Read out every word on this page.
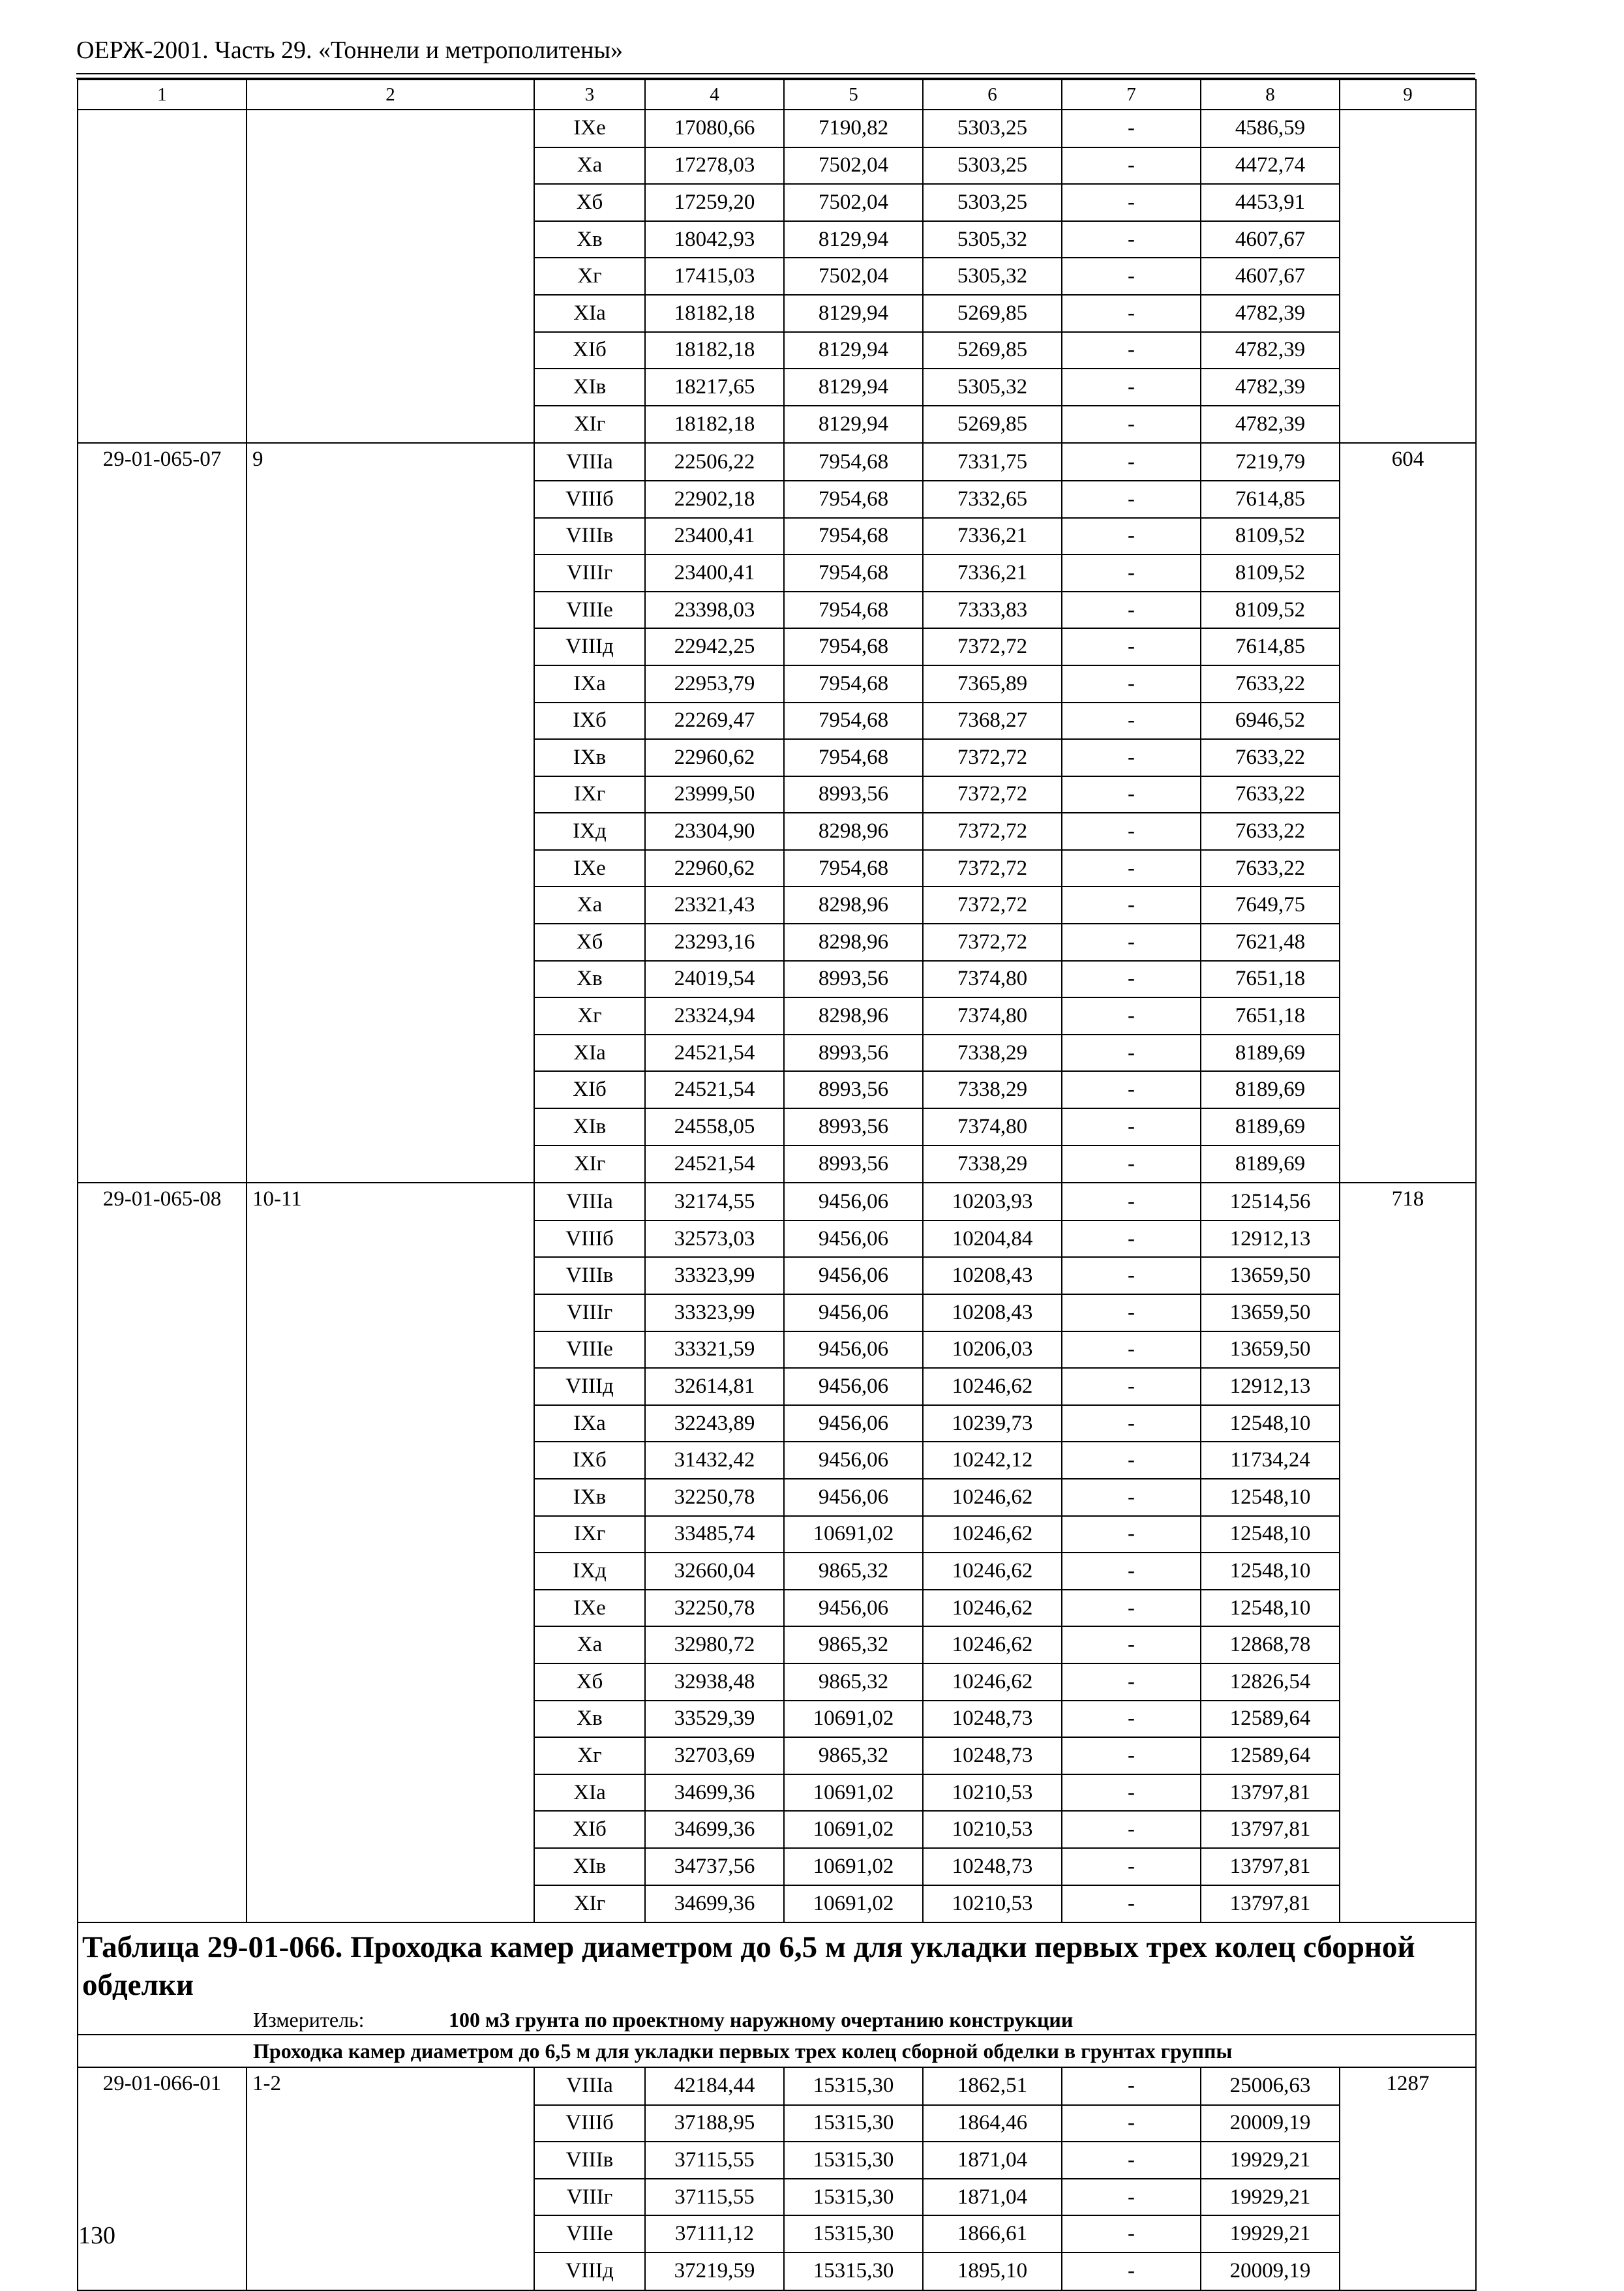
ОЕРЖ-2001. Часть 29. «Тоннели и метрополитены»
1	2	3	4	5	6	7	8	9
		IXe	17080,66	7190,82	5303,25	-	4586,59	
		Xa	17278,03	7502,04	5303,25	-	4472,74	
		Xб	17259,20	7502,04	5303,25	-	4453,91	
		Xв	18042,93	8129,94	5305,32	-	4607,67	
		Xг	17415,03	7502,04	5305,32	-	4607,67	
		XIa	18182,18	8129,94	5269,85	-	4782,39	
		XIб	18182,18	8129,94	5269,85	-	4782,39	
		XIв	18217,65	8129,94	5305,32	-	4782,39	
		XIг	18182,18	8129,94	5269,85	-	4782,39	
29-01-065-07	9	VIIIa	22506,22	7954,68	7331,75	-	7219,79	604
		VIIIб	22902,18	7954,68	7332,65	-	7614,85	
		VIIIв	23400,41	7954,68	7336,21	-	8109,52	
		VIIIг	23400,41	7954,68	7336,21	-	8109,52	
		VIIIe	23398,03	7954,68	7333,83	-	8109,52	
		VIIIд	22942,25	7954,68	7372,72	-	7614,85	
		IXa	22953,79	7954,68	7365,89	-	7633,22	
		IXб	22269,47	7954,68	7368,27	-	6946,52	
		IXв	22960,62	7954,68	7372,72	-	7633,22	
		IXг	23999,50	8993,56	7372,72	-	7633,22	
		IXд	23304,90	8298,96	7372,72	-	7633,22	
		IXe	22960,62	7954,68	7372,72	-	7633,22	
		Xa	23321,43	8298,96	7372,72	-	7649,75	
		Xб	23293,16	8298,96	7372,72	-	7621,48	
		Xв	24019,54	8993,56	7374,80	-	7651,18	
		Xг	23324,94	8298,96	7374,80	-	7651,18	
		XIa	24521,54	8993,56	7338,29	-	8189,69	
		XIб	24521,54	8993,56	7338,29	-	8189,69	
		XIв	24558,05	8993,56	7374,80	-	8189,69	
		XIг	24521,54	8993,56	7338,29	-	8189,69	
29-01-065-08	10-11	VIIIa	32174,55	9456,06	10203,93	-	12514,56	718
		VIIIб	32573,03	9456,06	10204,84	-	12912,13	
		VIIIв	33323,99	9456,06	10208,43	-	13659,50	
		VIIIг	33323,99	9456,06	10208,43	-	13659,50	
		VIIIe	33321,59	9456,06	10206,03	-	13659,50	
		VIIIд	32614,81	9456,06	10246,62	-	12912,13	
		IXa	32243,89	9456,06	10239,73	-	12548,10	
		IXб	31432,42	9456,06	10242,12	-	11734,24	
		IXв	32250,78	9456,06	10246,62	-	12548,10	
		IXг	33485,74	10691,02	10246,62	-	12548,10	
		IXд	32660,04	9865,32	10246,62	-	12548,10	
		IXe	32250,78	9456,06	10246,62	-	12548,10	
		Xa	32980,72	9865,32	10246,62	-	12868,78	
		Xб	32938,48	9865,32	10246,62	-	12826,54	
		Xв	33529,39	10691,02	10248,73	-	12589,64	
		Xг	32703,69	9865,32	10248,73	-	12589,64	
		XIa	34699,36	10691,02	10210,53	-	13797,81	
		XIб	34699,36	10691,02	10210,53	-	13797,81	
		XIв	34737,56	10691,02	10248,73	-	13797,81	
		XIг	34699,36	10691,02	10210,53	-	13797,81	

Таблица 29-01-066. Проходка камер диаметром до 6,5 м для укладки первых трех колец сборной обделки
Измеритель: 100 м3 грунта по проектному наружному очертанию конструкции								

Проходка камер диаметром до 6,5 м для укладки первых трех колец сборной обделки в грунтах группы								
29-01-066-01	1-2	VIIIa	42184,44	15315,30	1862,51	-	25006,63	1287
		VIIIб	37188,95	15315,30	1864,46	-	20009,19	
		VIIIв	37115,55	15315,30	1871,04	-	19929,21	
		VIIIг	37115,55	15315,30	1871,04	-	19929,21	
		VIIIe	37111,12	15315,30	1866,61	-	19929,21	
		VIIIд	37219,59	15315,30	1895,10	-	20009,19	
130
